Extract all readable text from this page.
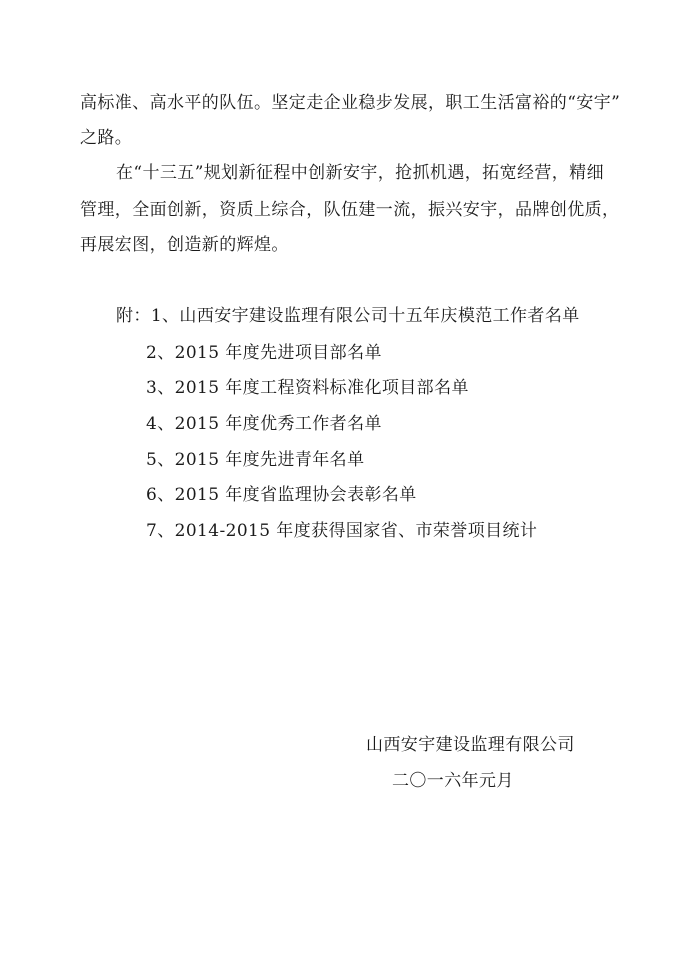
高标准、高水平的队伍。坚定走企业稳步发展，职工生活富裕的“安宇”
之路。
在“十三五”规划新征程中创新安宇，抢抓机遇，拓宽经营，精细
管理，全面创新，资质上综合，队伍建一流，振兴安宇，品牌创优质，
再展宏图，创造新的辉煌。
附：1、山西安宇建设监理有限公司十五年庆模范工作者名单
2、2015 年度先进项目部名单
3、2015 年度工程资料标准化项目部名单
4、2015 年度优秀工作者名单
5、2015 年度先进青年名单
6、2015 年度省监理协会表彰名单
7、2014-2015 年度获得国家省、市荣誉项目统计
山西安宇建设监理有限公司
二〇一六年元月
